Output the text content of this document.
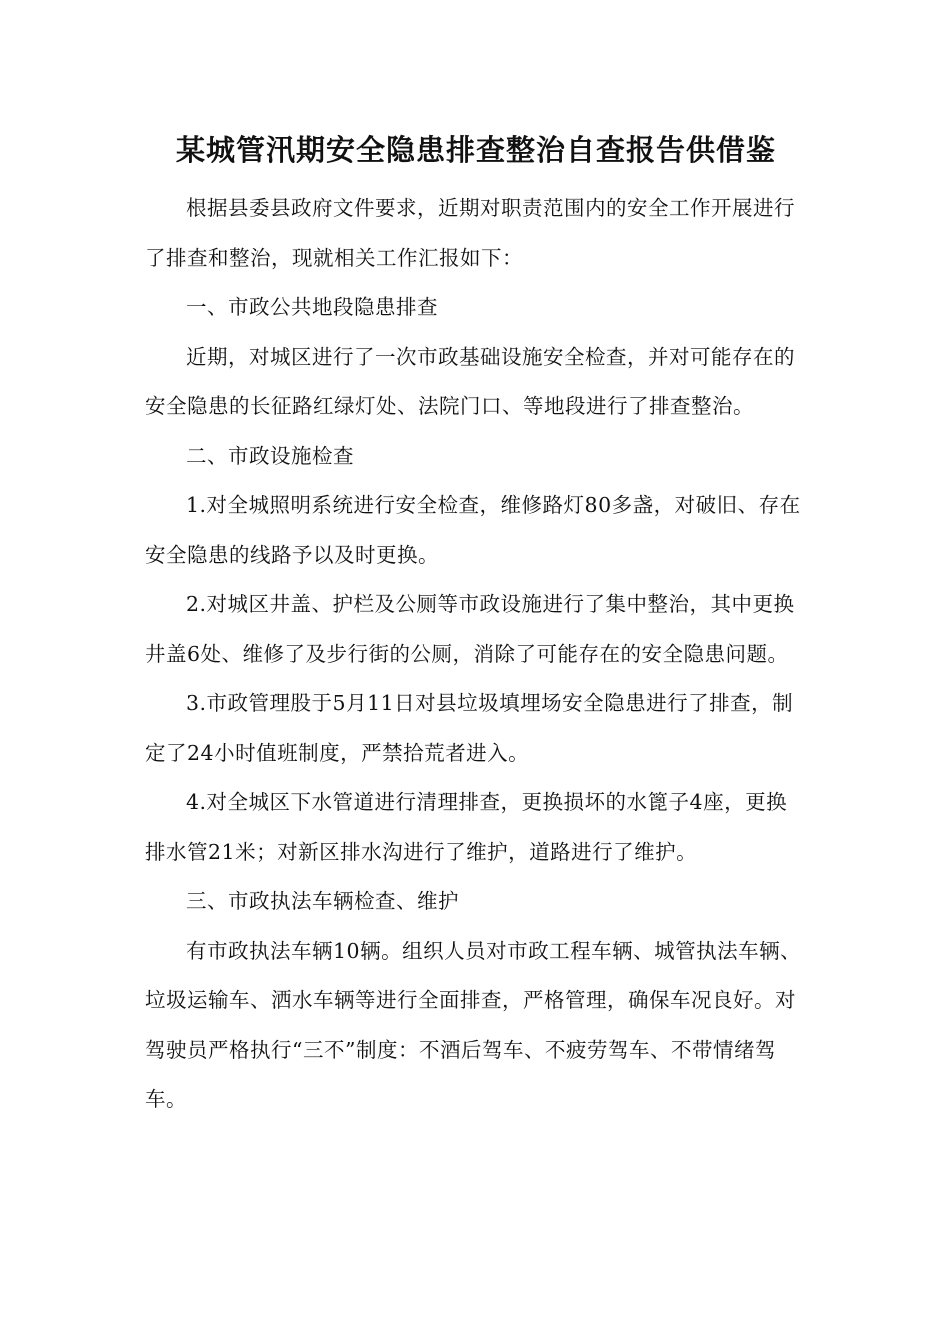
某城管汛期安全隐患排查整治自查报告供借鉴

根据县委县政府文件要求，近期对职责范围内的安全工作开展进行了排查和整治，现就相关工作汇报如下：

一、市政公共地段隐患排查

近期，对城区进行了一次市政基础设施安全检查，并对可能存在的安全隐患的长征路红绿灯处、法院门口、等地段进行了排查整治。

二、市政设施检查

1.对全城照明系统进行安全检查，维修路灯80多盏，对破旧、存在安全隐患的线路予以及时更换。

2.对城区井盖、护栏及公厕等市政设施进行了集中整治，其中更换井盖6处、维修了及步行街的公厕，消除了可能存在的安全隐患问题。

3.市政管理股于5月11日对县垃圾填埋场安全隐患进行了排查，制定了24小时值班制度，严禁拾荒者进入。

4.对全城区下水管道进行清理排查，更换损坏的水篦子4座，更换排水管21米；对新区排水沟进行了维护，道路进行了维护。

三、市政执法车辆检查、维护

有市政执法车辆10辆。组织人员对市政工程车辆、城管执法车辆、垃圾运输车、洒水车辆等进行全面排查，严格管理，确保车况良好。对驾驶员严格执行“三不”制度：不酒后驾车、不疲劳驾车、不带情绪驾车。
